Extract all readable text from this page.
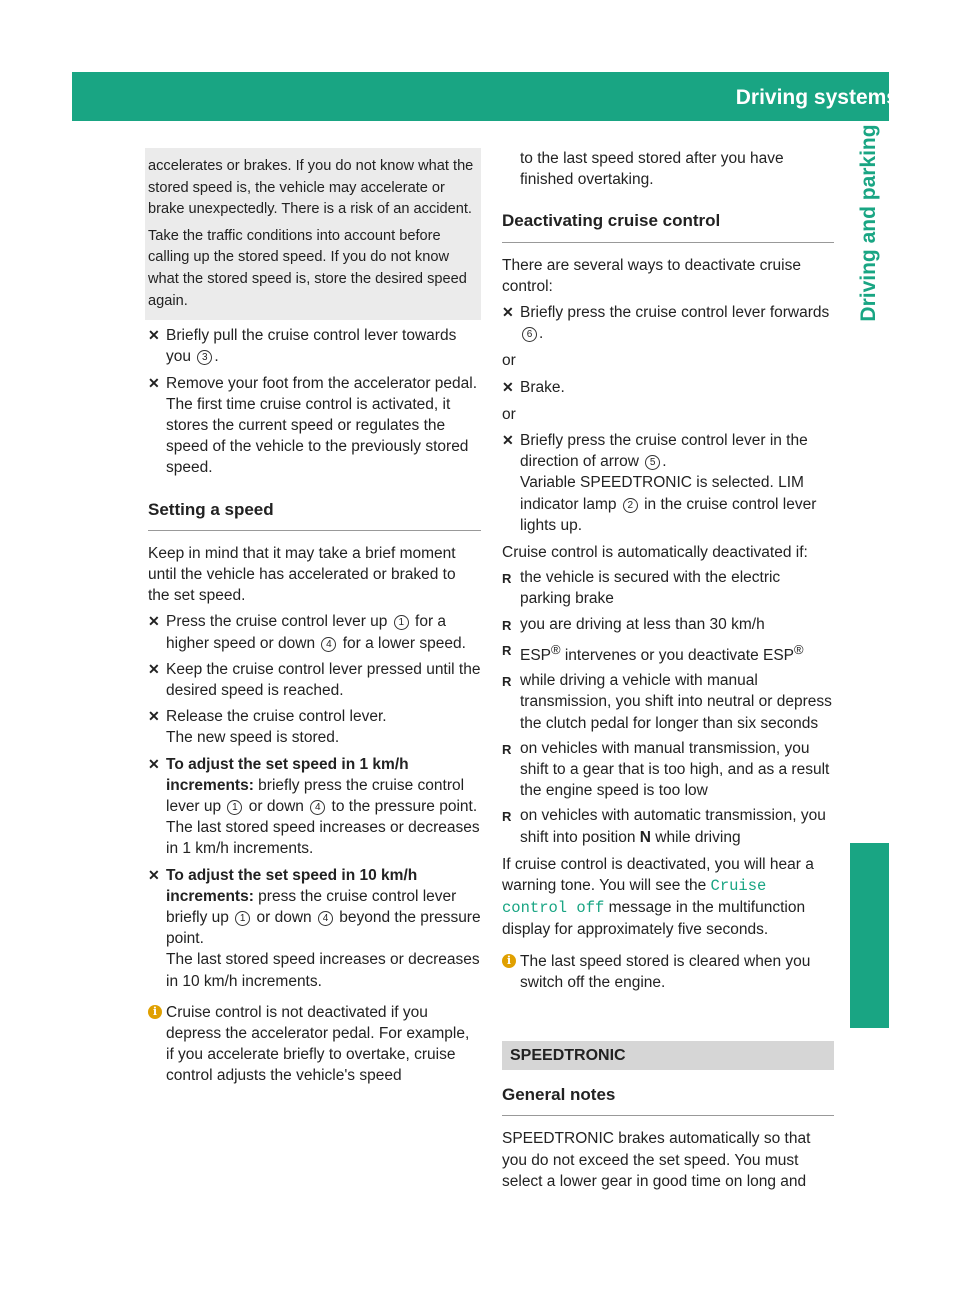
Driving systems 175
Driving and parking

accelerates or brakes. If you do not know what the stored speed is, the vehicle may accelerate or brake unexpectedly. There is a risk of an accident.

Take the traffic conditions into account before calling up the stored speed. If you do not know what the stored speed is, store the desired speed again.

✕ Briefly pull the cruise control lever towards you 3 .
✕ Remove your foot from the accelerator pedal.

The first time cruise control is activated, it stores the current speed or regulates the speed of the vehicle to the previously stored speed.

Setting a speed

Keep in mind that it may take a brief moment until the vehicle has accelerated or braked to the set speed.

✕ Press the cruise control lever up 1 for a higher speed or down 4 for a lower speed.
✕ Keep the cruise control lever pressed until the desired speed is reached.
✕ Release the cruise control lever.

The new speed is stored.

✕ To adjust the set speed in 1 km/h increments: briefly press the cruise control lever up 1 or down 4 to the pressure point.

The last stored speed increases or decreases in 1 km/h increments.

✕ To adjust the set speed in 10 km/h increments: press the cruise control lever briefly up 1 or down 4 beyond the pressure point.

The last stored speed increases or decreases in 10 km/h increments.

i Cruise control is not deactivated if you depress the accelerator pedal. For example, if you accelerate briefly to overtake, cruise control adjusts the vehicle's speed

to the last speed stored after you have finished overtaking.

Deactivating cruise control

There are several ways to deactivate cruise control:

✕ Briefly press the cruise control lever forwards 6 .

or

✕ Brake.

or

✕ Briefly press the cruise control lever in the direction of arrow 5 .
Variable SPEEDTRONIC is selected. LIM indicator lamp 2 in the cruise control lever lights up.

Cruise control is automatically deactivated if:

R the vehicle is secured with the electric parking brake
R you are driving at less than 30 km/h
R ESP® intervenes or you deactivate ESP®
R while driving a vehicle with manual transmission, you shift into neutral or depress the clutch pedal for longer than six seconds
R on vehicles with manual transmission, you shift to a gear that is too high, and as a result the engine speed is too low
R on vehicles with automatic transmission, you shift into position N while driving

If cruise control is deactivated, you will hear a warning tone. You will see the Cruise control off message in the multifunction display for approximately five seconds.

i The last speed stored is cleared when you switch off the engine.
SPEEDTRONIC
General notes

SPEEDTRONIC brakes automatically so that you do not exceed the set speed. You must select a lower gear in good time on long and
